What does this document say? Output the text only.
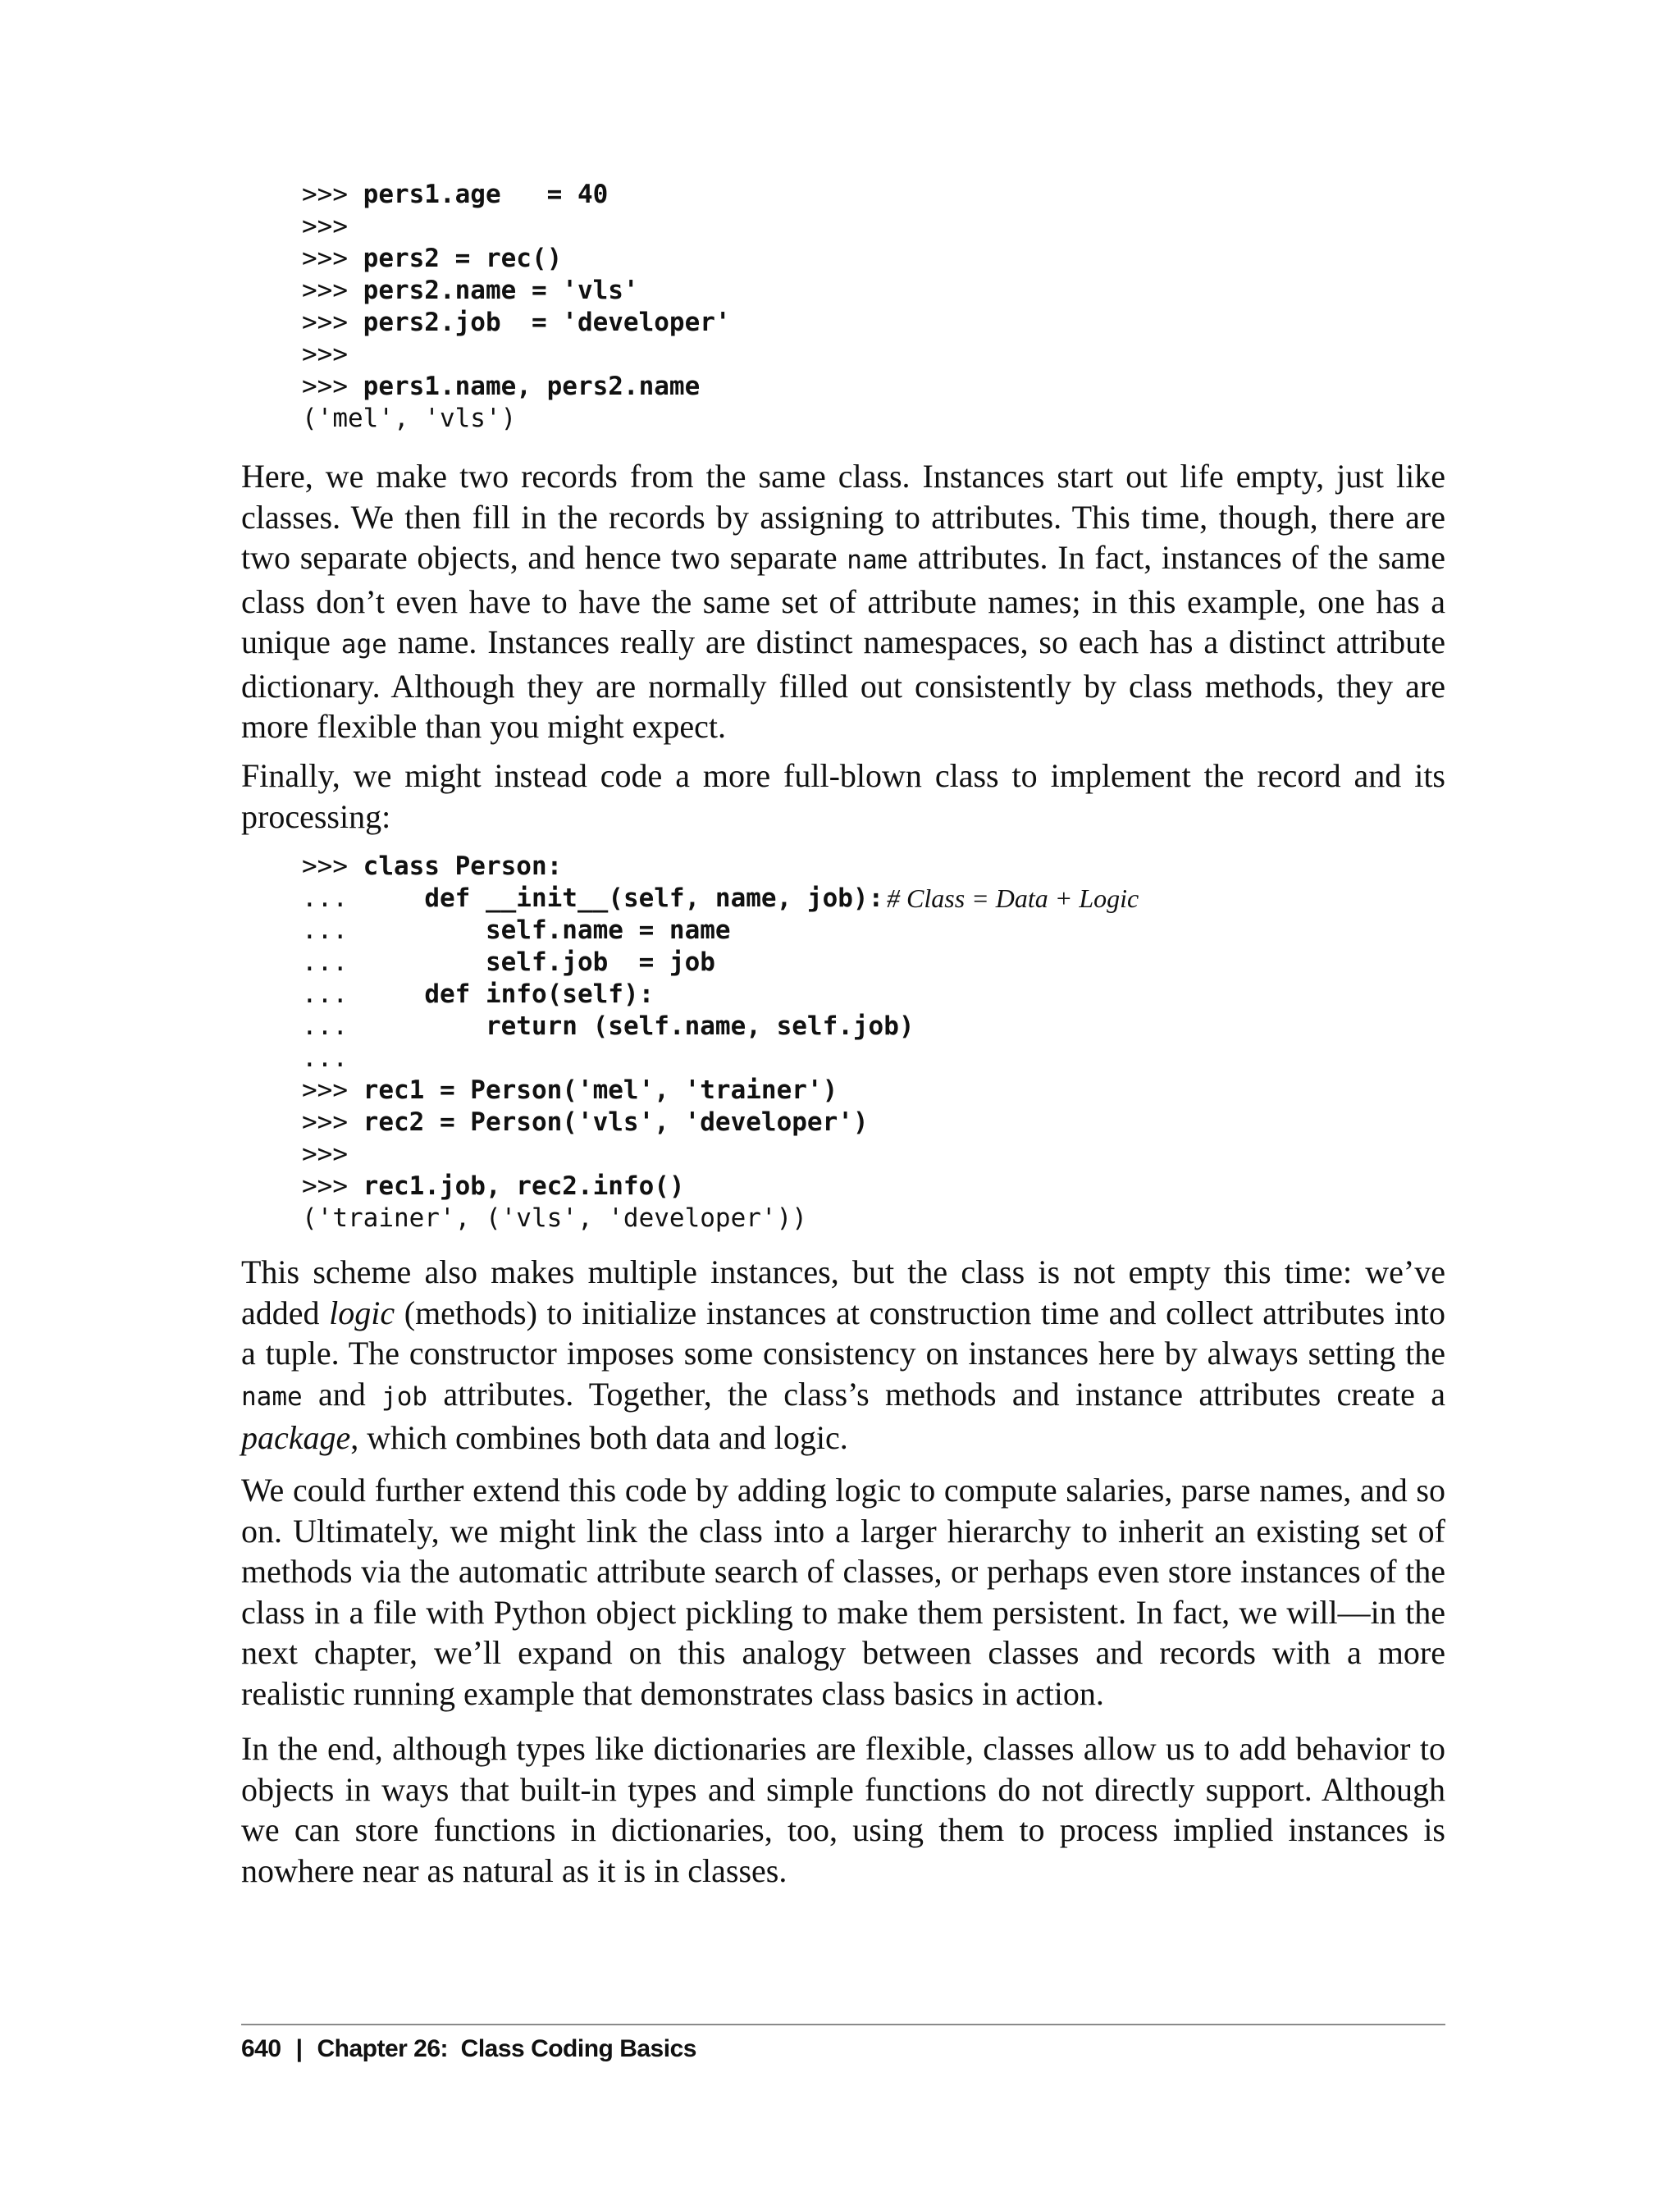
>>> pers1.age   = 40
>>>
>>> pers2 = rec()
>>> pers2.name = 'vls'
>>> pers2.job  = 'developer'
>>>
>>> pers1.name, pers2.name
('mel', 'vls')

Here, we make two records from the same class. Instances start out life empty, just like classes. We then fill in the records by assigning to attributes. This time, though, there are two separate objects, and hence two separate name attributes. In fact, instances of the same class don’t even have to have the same set of attribute names; in this example, one has a unique age name. Instances really are distinct namespaces, so each has a distinct attribute dictionary. Although they are normally filled out consistently by class methods, they are more flexible than you might expect.

Finally, we might instead code a more full-blown class to implement the record and its processing:

>>> class Person:
...     def __init__(self, name, job): # Class = Data + Logic
...         self.name = name
...         self.job  = job
...     def info(self):
...         return (self.name, self.job)
...
>>> rec1 = Person('mel', 'trainer')
>>> rec2 = Person('vls', 'developer')
>>>
>>> rec1.job, rec2.info()
('trainer', ('vls', 'developer'))

This scheme also makes multiple instances, but the class is not empty this time: we’ve added logic (methods) to initialize instances at construction time and collect attributes into a tuple. The constructor imposes some consistency on instances here by always setting the name and job attributes. Together, the class’s methods and instance attributes create a package, which combines both data and logic.

We could further extend this code by adding logic to compute salaries, parse names, and so on. Ultimately, we might link the class into a larger hierarchy to inherit an existing set of methods via the automatic attribute search of classes, or perhaps even store instances of the class in a file with Python object pickling to make them persistent. In fact, we will—in the next chapter, we’ll expand on this analogy between classes and records with a more realistic running example that demonstrates class basics in action.

In the end, although types like dictionaries are flexible, classes allow us to add behavior to objects in ways that built-in types and simple functions do not directly support. Although we can store functions in dictionaries, too, using them to process implied instances is nowhere near as natural as it is in classes.

640 | Chapter 26:  Class Coding Basics
